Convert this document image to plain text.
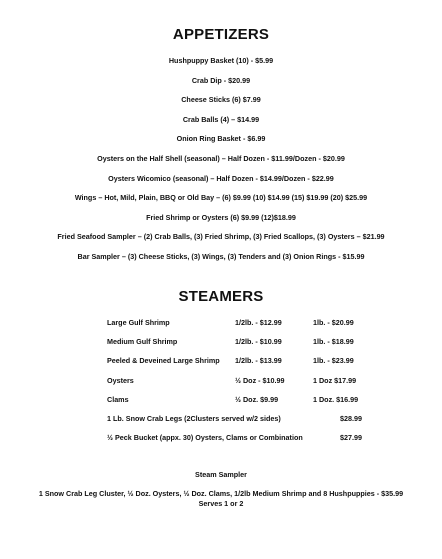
APPETIZERS
Hushpuppy Basket (10) - $5.99
Crab Dip - $20.99
Cheese Sticks (6) $7.99
Crab Balls (4) – $14.99
Onion Ring Basket - $6.99
Oysters on the Half Shell (seasonal) – Half Dozen - $11.99/Dozen - $20.99
Oysters Wicomico (seasonal) – Half Dozen - $14.99/Dozen - $22.99
Wings – Hot, Mild, Plain, BBQ or Old Bay – (6) $9.99 (10) $14.99 (15) $19.99 (20) $25.99
Fried Shrimp or Oysters (6) $9.99 (12)$18.99
Fried Seafood Sampler – (2) Crab Balls, (3) Fried Shrimp, (3) Fried Scallops, (3) Oysters – $21.99
Bar Sampler – (3) Cheese Sticks, (3) Wings, (3) Tenders and (3) Onion Rings - $15.99
STEAMERS
Large Gulf Shrimp	1/2lb. - $12.99	1lb. - $20.99
Medium Gulf Shrimp	1/2lb. - $10.99	1lb. - $18.99
Peeled & Deveined Large Shrimp 1/2lb. - $13.99	1lb. - $23.99
Oysters	½ Doz - $10.99	1 Doz $17.99
Clams	½ Doz. $9.99	1 Doz. $16.99
1 Lb. Snow Crab Legs (2Clusters served w/2 sides)	$28.99
½ Peck Bucket (appx. 30) Oysters, Clams or Combination	$27.99
Steam Sampler
1 Snow Crab Leg Cluster, ½ Doz. Oysters, ½ Doz. Clams, 1/2lb Medium Shrimp and 8 Hushpuppies - $35.99
Serves 1 or 2
